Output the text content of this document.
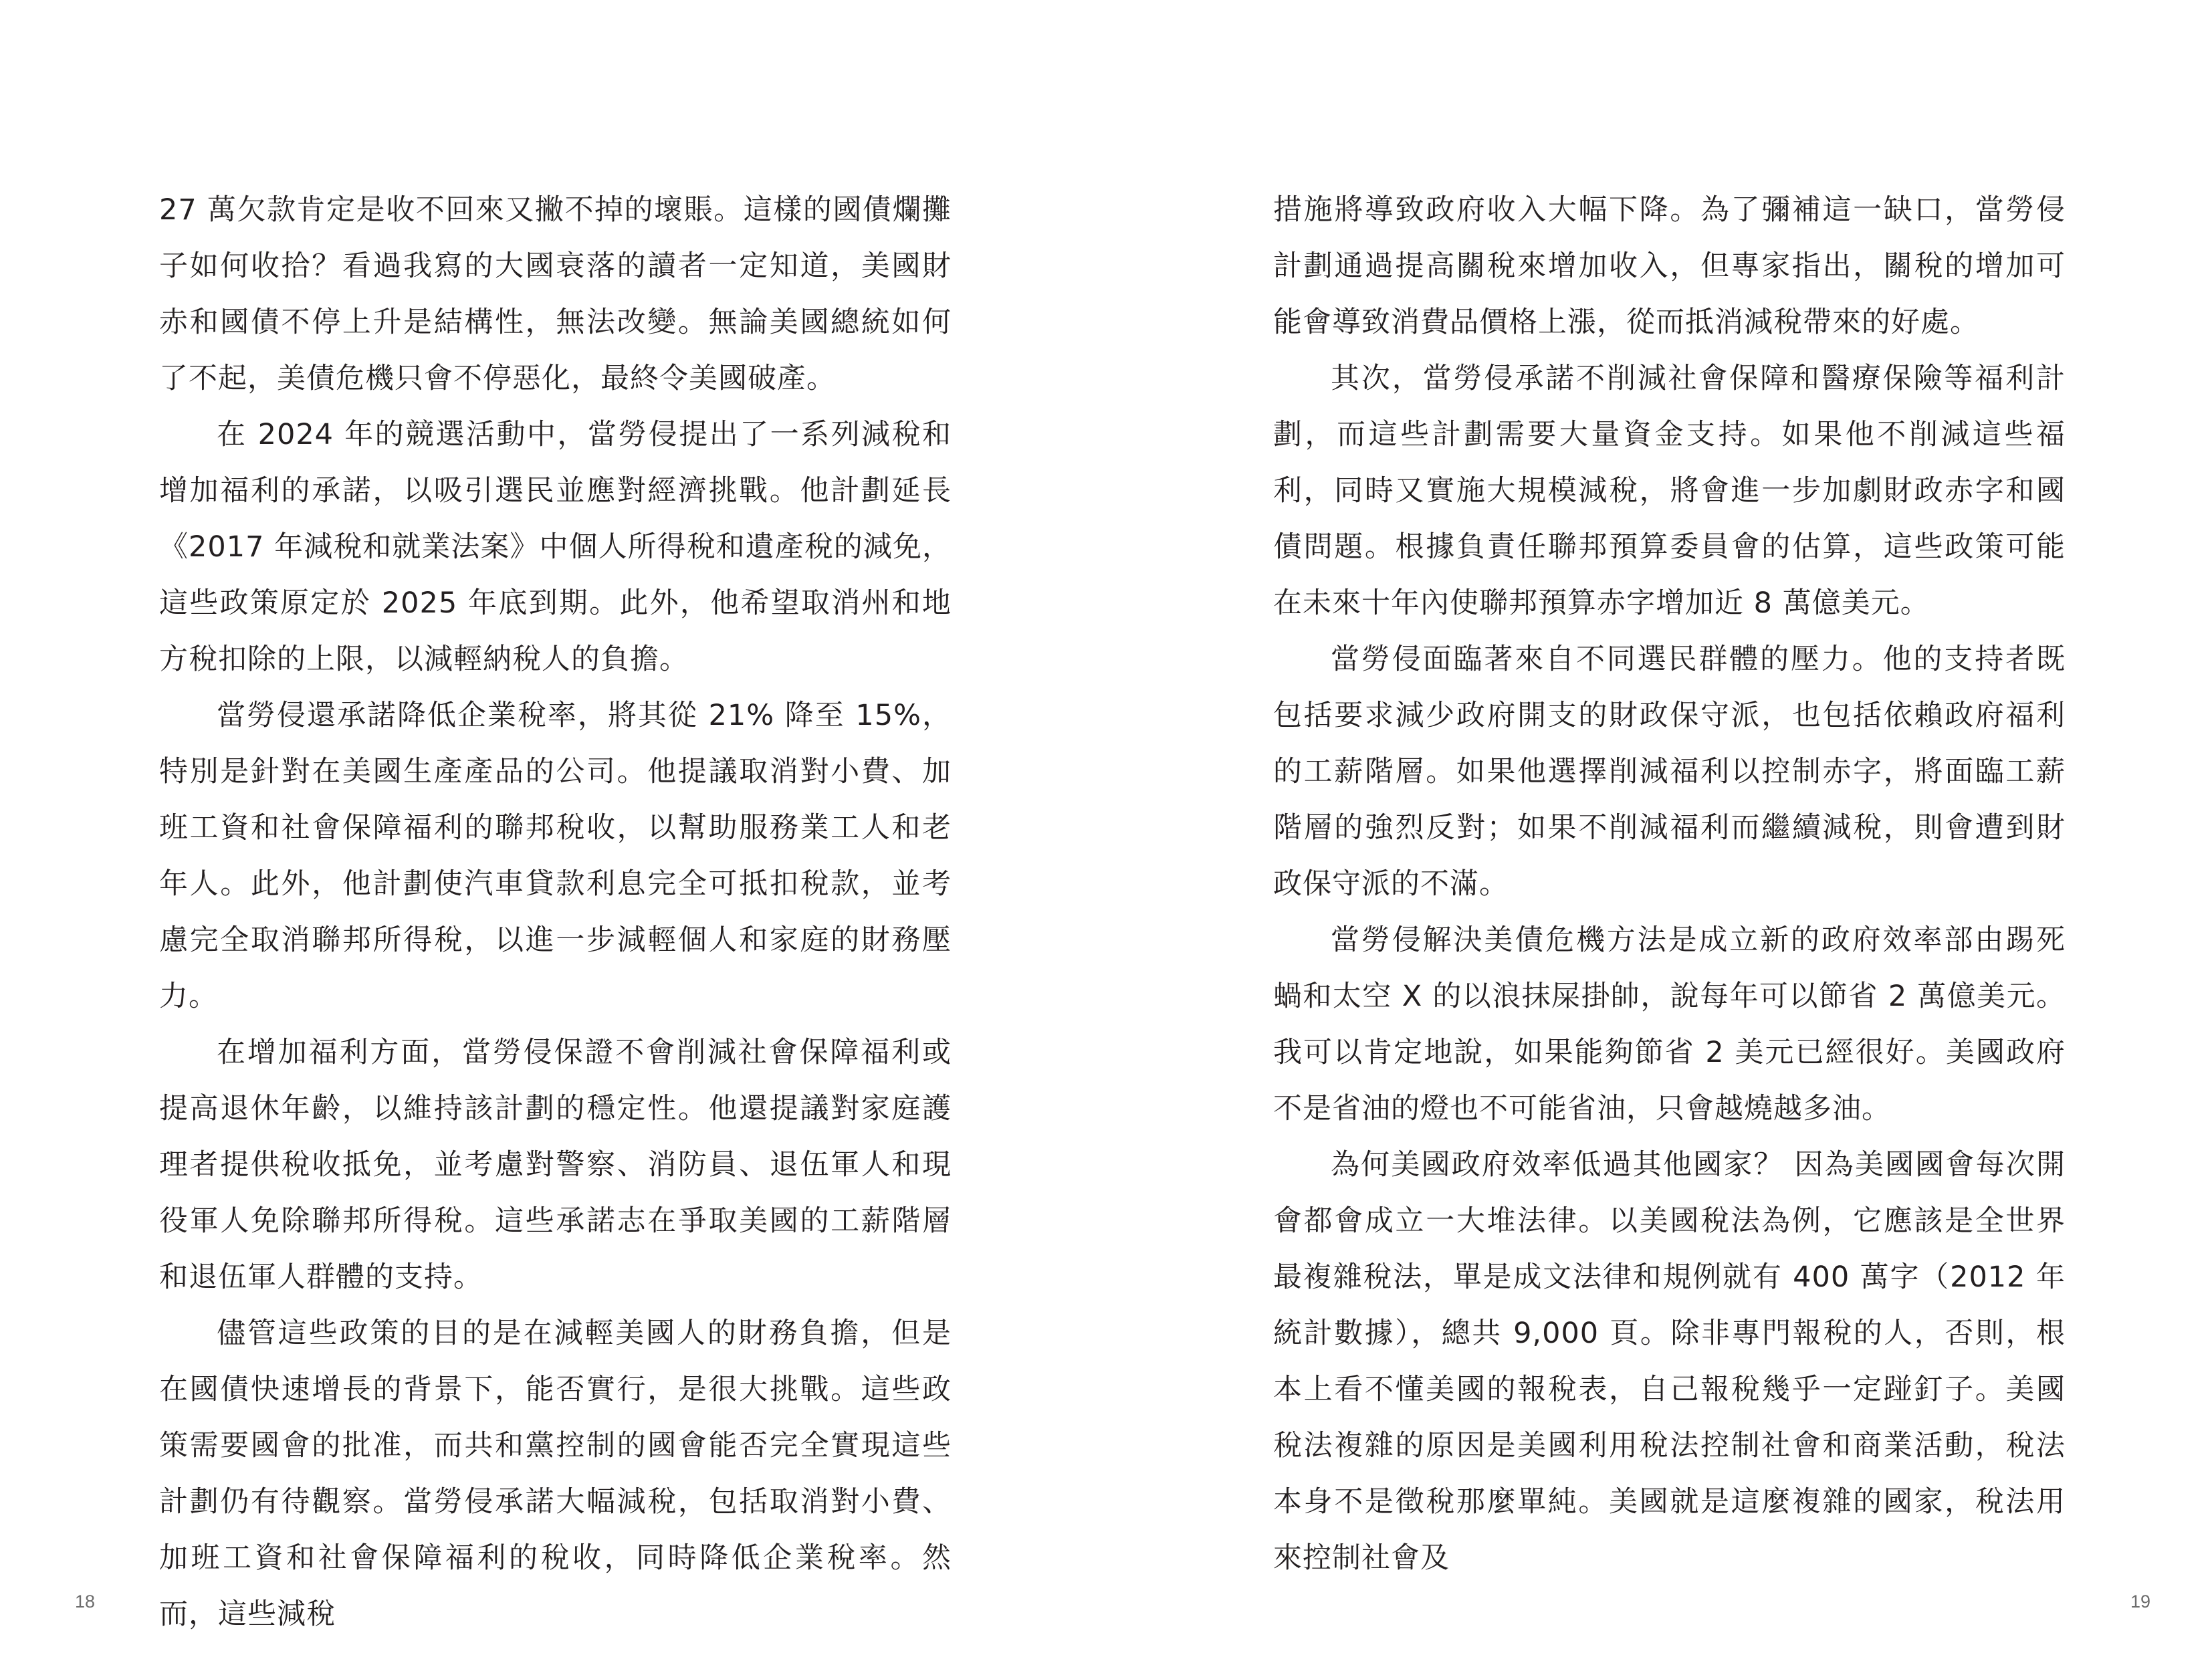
27 萬欠款肯定是收不回來又撇不掉的壞賬。這樣的國債爛攤子如何收拾？看過我寫的大國衰落的讀者一定知道，美國財赤和國債不停上升是結構性，無法改變。無論美國總統如何了不起，美債危機只會不停惡化，最終令美國破產。

在 2024 年的競選活動中，當勞侵提出了一系列減稅和增加福利的承諾，以吸引選民並應對經濟挑戰。他計劃延長《2017 年減稅和就業法案》中個人所得稅和遺產稅的減免，這些政策原定於 2025 年底到期。此外，他希望取消州和地方稅扣除的上限，以減輕納稅人的負擔。

當勞侵還承諾降低企業稅率，將其從 21% 降至 15%，特別是針對在美國生產產品的公司。他提議取消對小費、加班工資和社會保障福利的聯邦稅收，以幫助服務業工人和老年人。此外，他計劃使汽車貸款利息完全可抵扣稅款，並考慮完全取消聯邦所得稅，以進一步減輕個人和家庭的財務壓力。

在增加福利方面，當勞侵保證不會削減社會保障福利或提高退休年齡，以維持該計劃的穩定性。他還提議對家庭護理者提供稅收抵免，並考慮對警察、消防員、退伍軍人和現役軍人免除聯邦所得稅。這些承諾志在爭取美國的工薪階層和退伍軍人群體的支持。

儘管這些政策的目的是在減輕美國人的財務負擔，但是在國債快速增長的背景下，能否實行，是很大挑戰。這些政策需要國會的批准，而共和黨控制的國會能否完全實現這些計劃仍有待觀察。當勞侵承諾大幅減稅，包括取消對小費、加班工資和社會保障福利的稅收，同時降低企業稅率。然而，這些減稅

18

措施將導致政府收入大幅下降。為了彌補這一缺口，當勞侵計劃通過提高關稅來增加收入，但專家指出，關稅的增加可能會導致消費品價格上漲，從而抵消減稅帶來的好處。

其次，當勞侵承諾不削減社會保障和醫療保險等福利計劃，而這些計劃需要大量資金支持。如果他不削減這些福利，同時又實施大規模減稅，將會進一步加劇財政赤字和國債問題。根據負責任聯邦預算委員會的估算，這些政策可能在未來十年內使聯邦預算赤字增加近 8 萬億美元。

當勞侵面臨著來自不同選民群體的壓力。他的支持者既包括要求減少政府開支的財政保守派，也包括依賴政府福利的工薪階層。如果他選擇削減福利以控制赤字，將面臨工薪階層的強烈反對；如果不削減福利而繼續減稅，則會遭到財政保守派的不滿。

當勞侵解決美債危機方法是成立新的政府效率部由踢死蝸和太空 X 的以浪抹屎掛帥，說每年可以節省 2 萬億美元。我可以肯定地說，如果能夠節省 2 美元已經很好。美國政府不是省油的燈也不可能省油，只會越燒越多油。

為何美國政府效率低過其他國家？ 因為美國國會每次開會都會成立一大堆法律。以美國稅法為例，它應該是全世界最複雜稅法，單是成文法律和規例就有 400 萬字（2012 年統計數據），總共 9,000 頁。除非專門報稅的人，否則，根本上看不懂美國的報稅表，自己報稅幾乎一定踫釘子。美國稅法複雜的原因是美國利用稅法控制社會和商業活動，稅法本身不是徵稅那麼單純。美國就是這麼複雜的國家，稅法用來控制社會及

19
